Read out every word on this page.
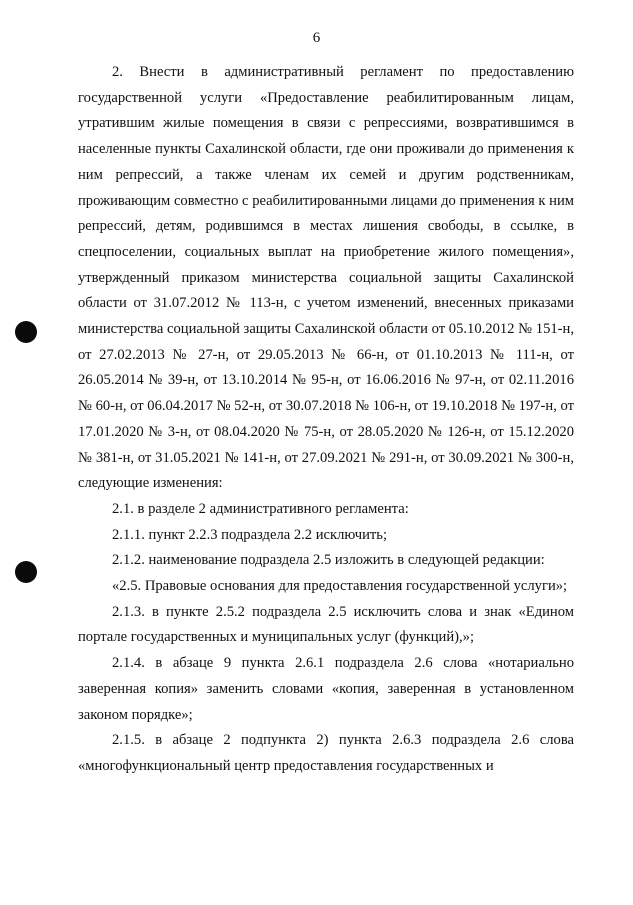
6

2. Внести в административный регламент по предоставлению государственной услуги «Предоставление реабилитированным лицам, утратившим жилые помещения в связи с репрессиями, возвратившимся в населенные пункты Сахалинской области, где они проживали до применения к ним репрессий, а также членам их семей и другим родственникам, проживающим совместно с реабилитированными лицами до применения к ним репрессий, детям, родившимся в местах лишения свободы, в ссылке, в спецпоселении, социальных выплат на приобретение жилого помещения», утвержденный приказом министерства социальной защиты Сахалинской области от 31.07.2012 № 113-н, с учетом изменений, внесенных приказами министерства социальной защиты Сахалинской области от 05.10.2012 № 151-н, от 27.02.2013 № 27-н, от 29.05.2013 № 66-н, от 01.10.2013 № 111-н, от 26.05.2014 № 39-н, от 13.10.2014 № 95-н, от 16.06.2016 № 97-н, от 02.11.2016 № 60-н, от 06.04.2017 № 52-н, от 30.07.2018 № 106-н, от 19.10.2018 № 197-н, от 17.01.2020 № 3-н, от 08.04.2020 № 75-н, от 28.05.2020 № 126-н, от 15.12.2020 № 381-н, от 31.05.2021 № 141-н, от 27.09.2021 № 291-н, от 30.09.2021 № 300-н, следующие изменения:

2.1. в разделе 2 административного регламента:

2.1.1. пункт 2.2.3 подраздела 2.2 исключить;

2.1.2. наименование подраздела 2.5 изложить в следующей редакции:

«2.5. Правовые основания для предоставления государственной услуги»;

2.1.3. в пункте 2.5.2 подраздела 2.5 исключить слова и знак «Едином портале государственных и муниципальных услуг (функций),»;

2.1.4. в абзаце 9 пункта 2.6.1 подраздела 2.6 слова «нотариально заверенная копия» заменить словами «копия, заверенная в установленном законом порядке»;

2.1.5. в абзаце 2 подпункта 2) пункта 2.6.3 подраздела 2.6 слова «многофункциональный центр предоставления государственных и
